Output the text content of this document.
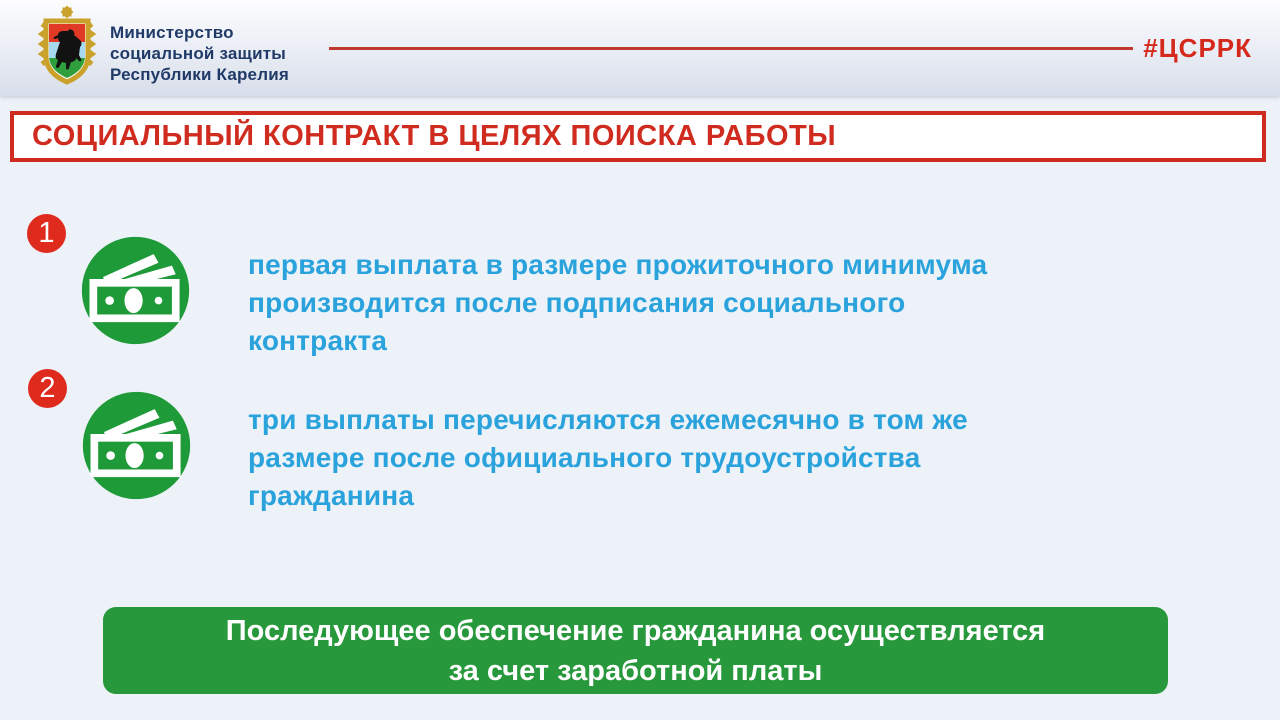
Министерство
социальной защиты
Республики Карелия
#ЦСРРК
СОЦИАЛЬНЫЙ КОНТРАКТ В ЦЕЛЯХ ПОИСКА РАБОТЫ
1
первая выплата в размере прожиточного минимума
производится после подписания социального
контракта
2
три выплаты перечисляются ежемесячно в том же
размере после официального трудоустройства
гражданина
Последующее обеспечение гражданина осуществляется
за счет заработной платы
